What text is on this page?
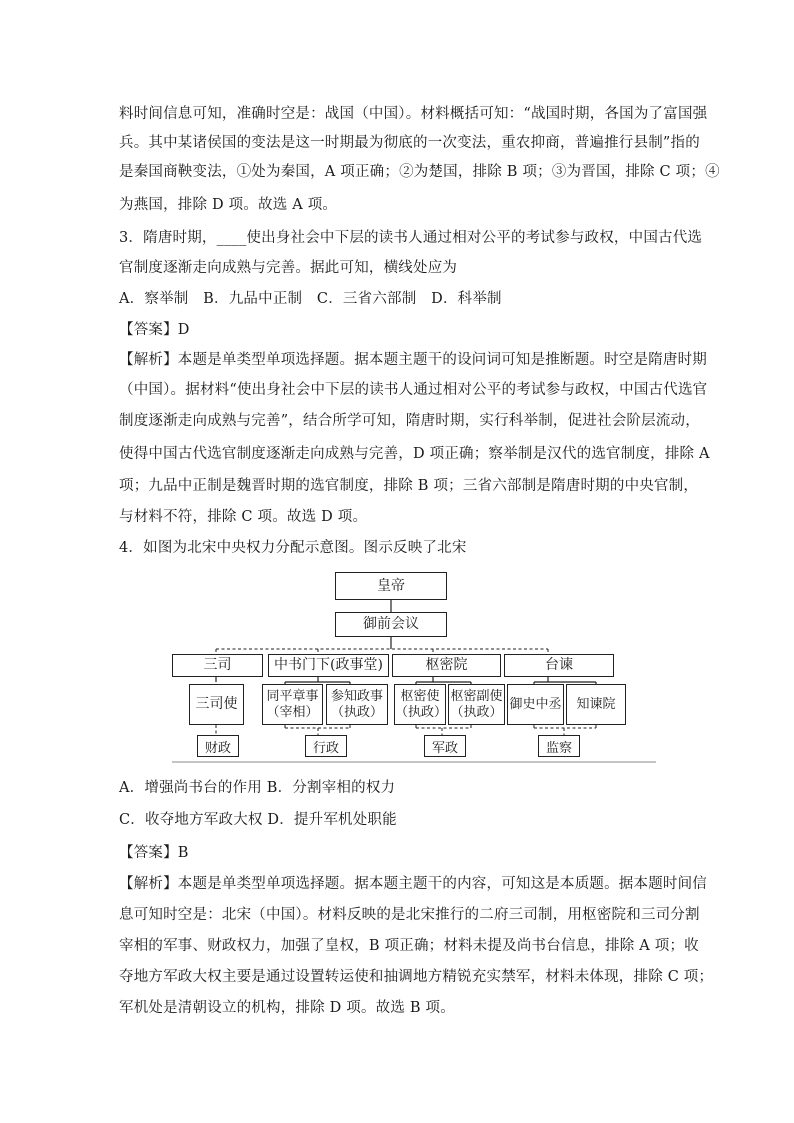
料时间信息可知，准确时空是：战国（中国）。材料概括可知：“战国时期，各国为了富国强
兵。其中某诸侯国的变法是这一时期最为彻底的一次变法，重农抑商，普遍推行县制”指的
是秦国商鞅变法，①处为秦国，A 项正确；②为楚国，排除 B 项；③为晋国，排除 C 项；④
为燕国，排除 D 项。故选 A 项。
3．隋唐时期，____使出身社会中下层的读书人通过相对公平的考试参与政权，中国古代选
官制度逐渐走向成熟与完善。据此可知，横线处应为
A．察举制　B．九品中正制　C．三省六部制　D．科举制
【答案】D
【解析】本题是单类型单项选择题。据本题主题干的设问词可知是推断题。时空是隋唐时期
（中国）。据材料“使出身社会中下层的读书人通过相对公平的考试参与政权，中国古代选官
制度逐渐走向成熟与完善”，结合所学可知，隋唐时期，实行科举制，促进社会阶层流动，
使得中国古代选官制度逐渐走向成熟与完善，D 项正确；察举制是汉代的选官制度，排除 A
项；九品中正制是魏晋时期的选官制度，排除 B 项；三省六部制是隋唐时期的中央官制，
与材料不符，排除 C 项。故选 D 项。
4．如图为北宋中央权力分配示意图。图示反映了北宋
皇帝
御前会议
三司	中书门下(政事堂)	枢密院	台谏
三司使 同平章事
（宰相）
参知政事
（执政）
枢密使
（执政）
枢密副使
（执政）
御史中丞 知谏院
财政	行政	军政	监察
A．增强尚书台的作用 B．分割宰相的权力
C．收夺地方军政大权 D．提升军机处职能
【答案】B
【解析】本题是单类型单项选择题。据本题主题干的内容，可知这是本质题。据本题时间信
息可知时空是：北宋（中国）。材料反映的是北宋推行的二府三司制，用枢密院和三司分割
宰相的军事、财政权力，加强了皇权，B 项正确；材料未提及尚书台信息，排除 A 项；收
夺地方军政大权主要是通过设置转运使和抽调地方精锐充实禁军，材料未体现，排除 C 项；
军机处是清朝设立的机构，排除 D 项。故选 B 项。
